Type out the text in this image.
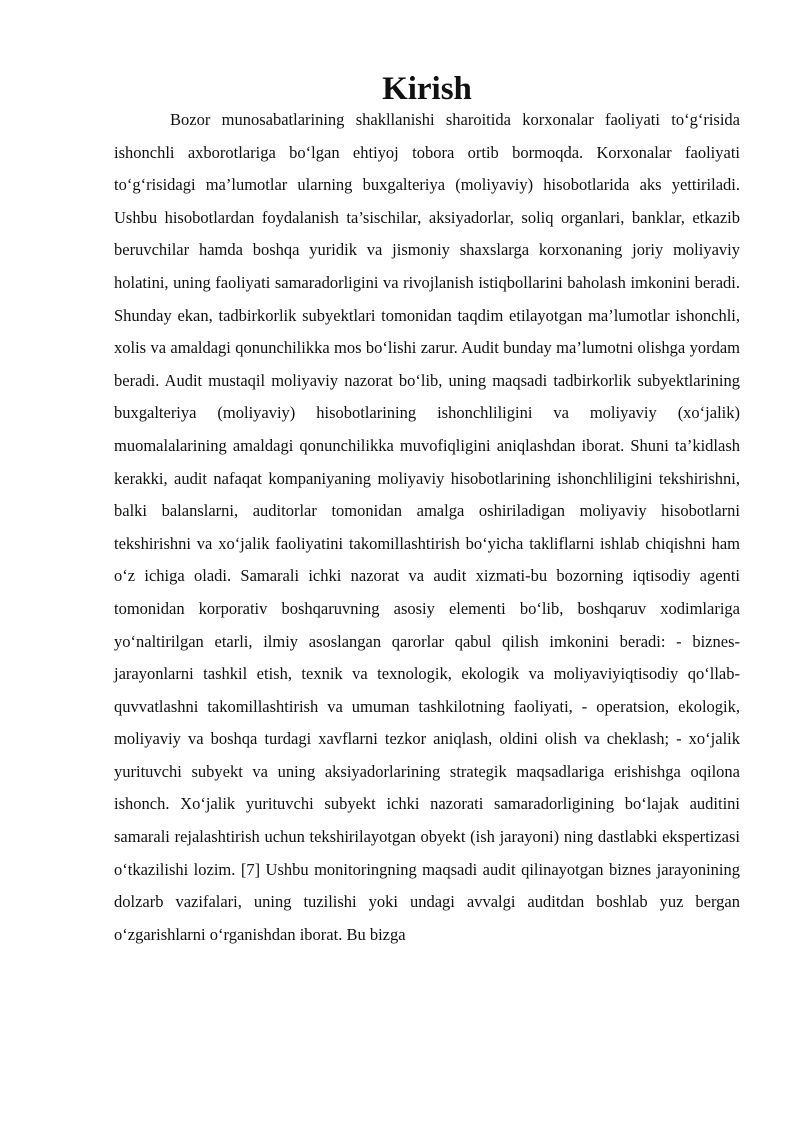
Kirish

Bozor munosabatlarining shakllanishi sharoitida korxonalar faoliyati to‘g‘risida ishonchli axborotlariga bo‘lgan ehtiyoj tobora ortib bormoqda. Korxonalar faoliyati to‘g‘risidagi ma’lumotlar ularning buxgalteriya (moliyaviy) hisobotlarida aks yettiriladi. Ushbu hisobotlardan foydalanish ta’sischilar, aksiyadorlar, soliq organlari, banklar, etkazib beruvchilar hamda boshqa yuridik va jismoniy shaxslarga korxonaning joriy moliyaviy holatini, uning faoliyati samaradorligini va rivojlanish istiqbollarini baholash imkonini beradi. Shunday ekan, tadbirkorlik subyektlari tomonidan taqdim etilayotgan ma’lumotlar ishonchli, xolis va amaldagi qonunchilikka mos bo‘lishi zarur. Audit bunday ma’lumotni olishga yordam beradi. Audit mustaqil moliyaviy nazorat bo‘lib, uning maqsadi tadbirkorlik subyektlarining buxgalteriya (moliyaviy) hisobotlarining ishonchliligini va moliyaviy (xo‘jalik) muomalalarining amaldagi qonunchilikka muvofiqligini aniqlashdan iborat. Shuni ta’kidlash kerakki, audit nafaqat kompaniyaning moliyaviy hisobotlarining ishonchliligini tekshirishni, balki balanslarni, auditorlar tomonidan amalga oshiriladigan moliyaviy hisobotlarni tekshirishni va xo‘jalik faoliyatini takomillashtirish bo‘yicha takliflarni ishlab chiqishni ham o‘z ichiga oladi. Samarali ichki nazorat va audit xizmati-bu bozorning iqtisodiy agenti tomonidan korporativ boshqaruvning asosiy elementi bo‘lib, boshqaruv xodimlariga yo‘naltirilgan etarli, ilmiy asoslangan qarorlar qabul qilish imkonini beradi: - biznes-jarayonlarni tashkil etish, texnik va texnologik, ekologik va moliyaviyiqtisodiy qo‘llab-quvvatlashni takomillashtirish va umuman tashkilotning faoliyati, - operatsion, ekologik, moliyaviy va boshqa turdagi xavflarni tezkor aniqlash, oldini olish va cheklash; - xo‘jalik yurituvchi subyekt va uning aksiyadorlarining strategik maqsadlariga erishishga oqilona ishonch. Xo‘jalik yurituvchi subyekt ichki nazorati samaradorligining bo‘lajak auditini samarali rejalashtirish uchun tekshirilayotgan obyekt (ish jarayoni) ning dastlabki ekspertizasi o‘tkazilishi lozim. [7] Ushbu monitoringning maqsadi audit qilinayotgan biznes jarayonining dolzarb vazifalari, uning tuzilishi yoki undagi avvalgi auditdan boshlab yuz bergan o‘zgarishlarni o‘rganishdan iborat. Bu bizga
